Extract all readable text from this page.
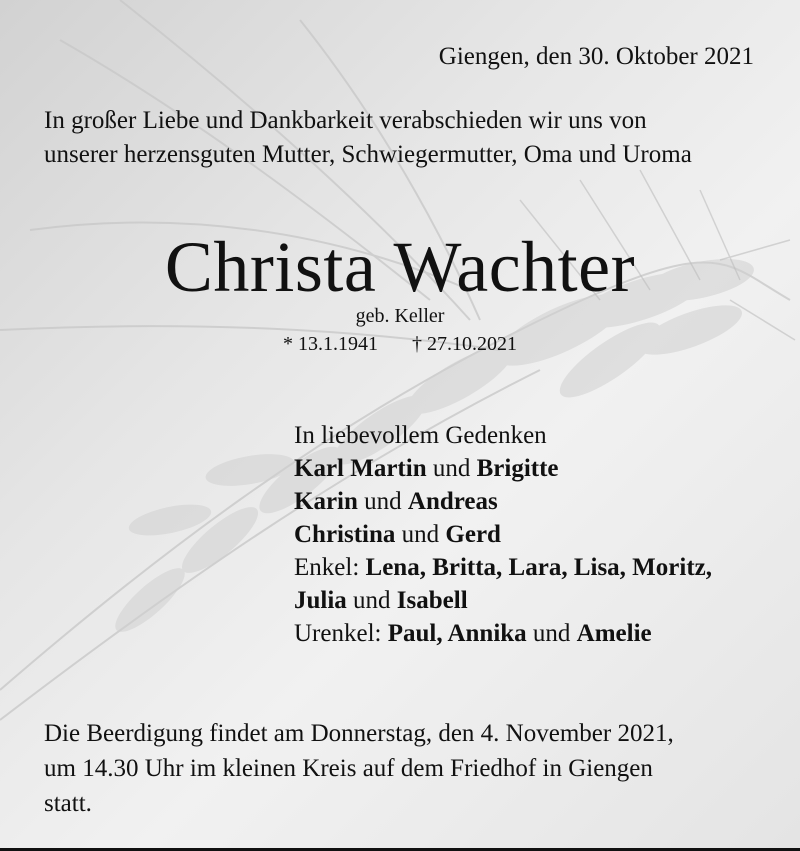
Giengen, den 30. Oktober 2021

In großer Liebe und Dankbarkeit verabschieden wir uns von
unserer herzensguten Mutter, Schwiegermutter, Oma und Uroma
Christa Wachter
geb. Keller
* 13.1.1941 † 27.10.2021
In liebevollem Gedenken
Karl Martin und Brigitte
Karin und Andreas
Christina und Gerd
Enkel: Lena, Britta, Lara, Lisa, Moritz,
Julia und Isabell
Urenkel: Paul, Annika und Amelie
Die Beerdigung findet am Donnerstag, den 4. November 2021,
um 14.30 Uhr im kleinen Kreis auf dem Friedhof in Giengen
statt.
